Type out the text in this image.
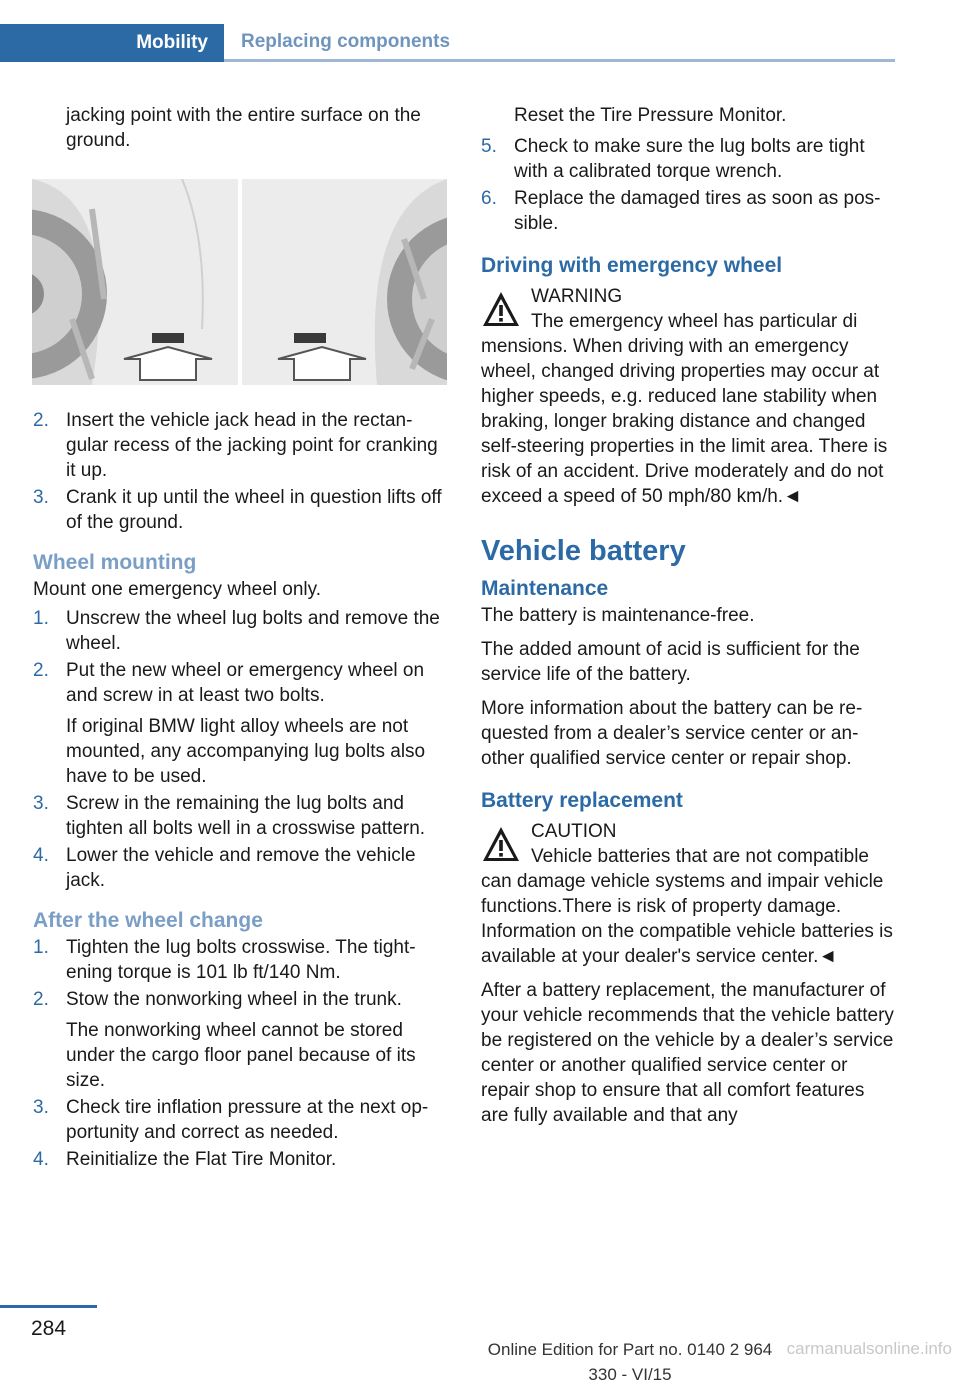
Mobility	Replacing components

jacking point with the entire surface on the ground.

2. Insert the vehicle jack head in the rectangular recess of the jacking point for cranking it up.
3. Crank it up until the wheel in question lifts off of the ground.
Wheel mounting

Mount one emergency wheel only.

1. Unscrew the wheel lug bolts and remove the wheel.
2. Put the new wheel or emergency wheel on and screw in at least two bolts.
If original BMW light alloy wheels are not mounted, any accompanying lug bolts also have to be used.
3. Screw in the remaining the lug bolts and tighten all bolts well in a crosswise pattern.
4. Lower the vehicle and remove the vehicle jack.
After the wheel change
1. Tighten the lug bolts crosswise. The tightening torque is 101 lb ft/140 Nm.
2. Stow the nonworking wheel in the trunk.
The nonworking wheel cannot be stored under the cargo floor panel because of its size.
3. Check tire inflation pressure at the next opportunity and correct as needed.
4. Reinitialize the Flat Tire Monitor.

Reset the Tire Pressure Monitor.

5. Check to make sure the lug bolts are tight with a calibrated torque wrench.
6. Replace the damaged tires as soon as possible.
Driving with emergency wheel
WARNING
The emergency wheel has particular di

mensions. When driving with an emergency wheel, changed driving properties may occur at higher speeds, e.g. reduced lane stability when braking, longer braking distance and changed self-steering properties in the limit area. There is risk of an accident. Drive moderately and do not exceed a speed of 50 mph/80 km/h.◄

Vehicle battery
Maintenance

The battery is maintenance-free.

The added amount of acid is sufficient for the service life of the battery.

More information about the battery can be requested from a dealer’s service center or another qualified service center or repair shop.

Battery replacement
CAUTION
Vehicle batteries that are not compatible

can damage vehicle systems and impair vehicle functions.There is risk of property damage. Information on the compatible vehicle batteries is available at your dealer's service center.◄

After a battery replacement, the manufacturer of your vehicle recommends that the vehicle battery be registered on the vehicle by a dealer’s service center or another qualified service center or repair shop to ensure that all comfort features are fully available and that any

284
Online Edition for Part no. 0140 2 964 330 - VI/15
carmanualsonline.info
